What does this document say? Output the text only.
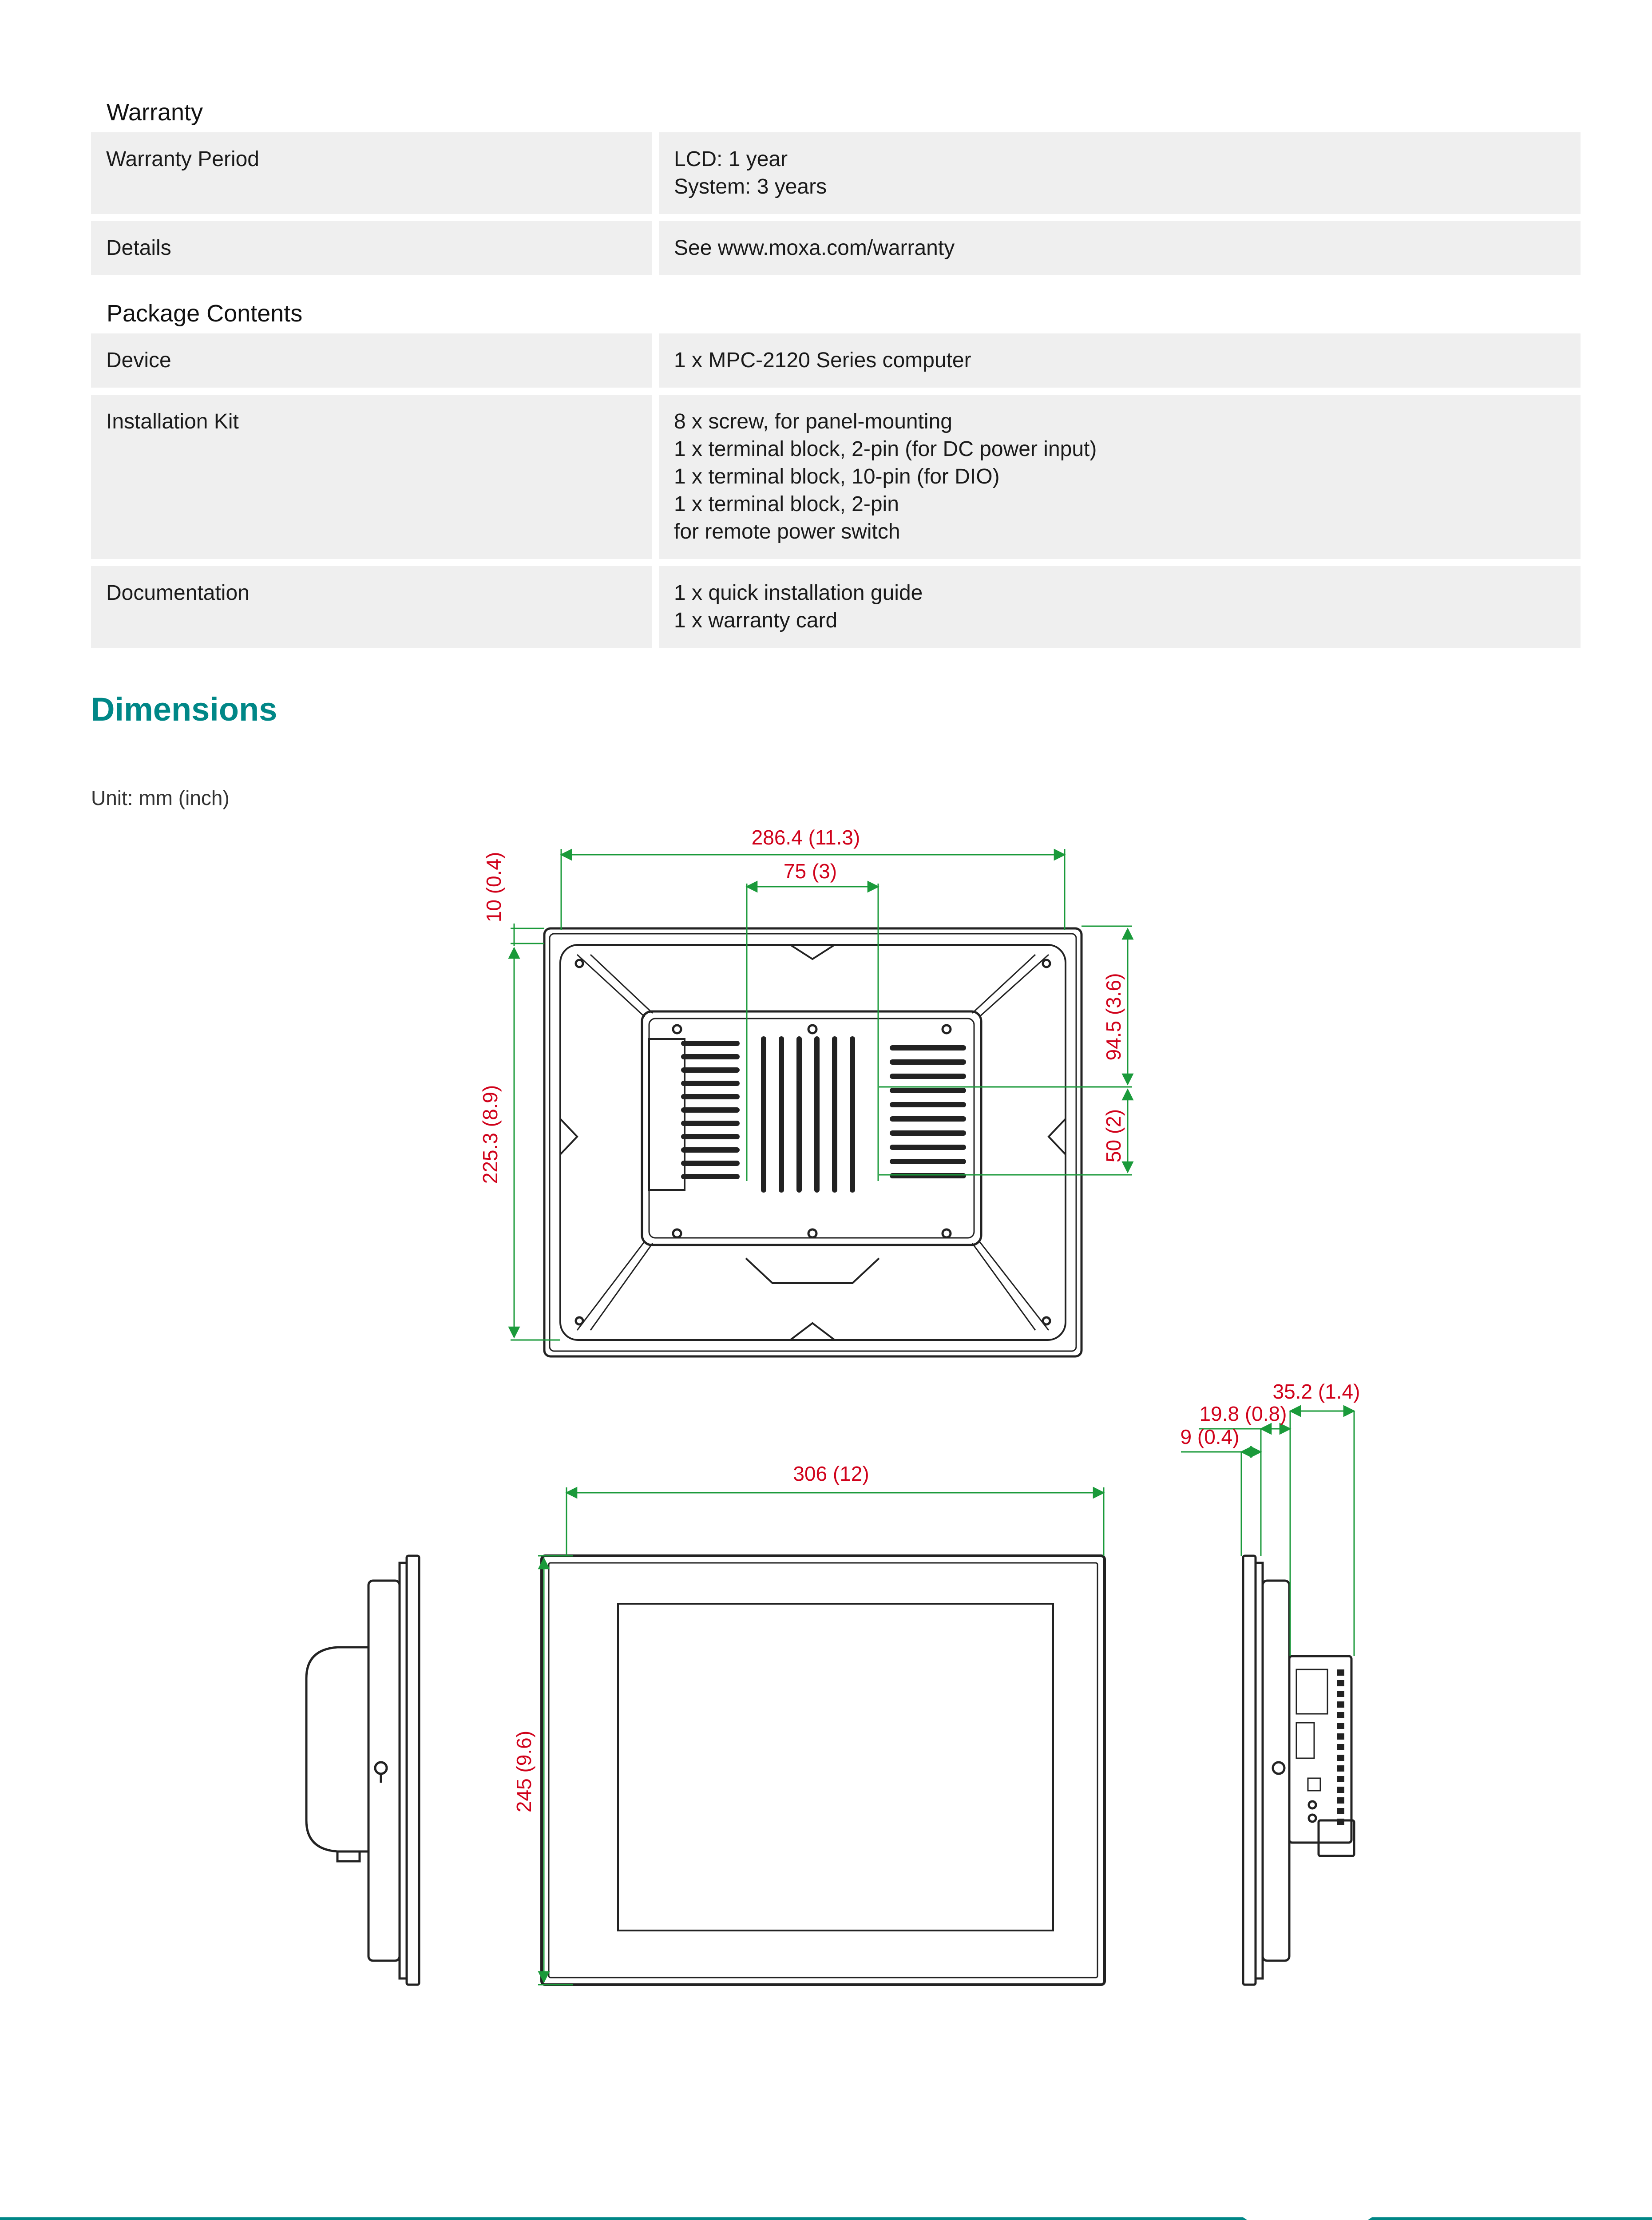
Warranty
Warranty Period	LCD: 1 year
System: 3 years

Details	See www.moxa.com/warranty
Package Contents
Device	1 x MPC-2120 Series computer

Installation Kit	8 x screw, for panel-mounting
1 x terminal block, 2-pin (for DC power input)
1 x terminal block, 10-pin (for DIO)
1 x terminal block, 2-pin
for remote power switch

Documentation	1 x quick installation guide
1 x warranty card
Dimensions
Unit: mm (inch)
286.4 (11.3)
75 (3)
10 (0.4)
225.3 (8.9)
94.5 (3.6)
50 (2)
306 (12)
245 (9.6)
35.2 (1.4)
19.8 (0.8)
9 (0.4)
